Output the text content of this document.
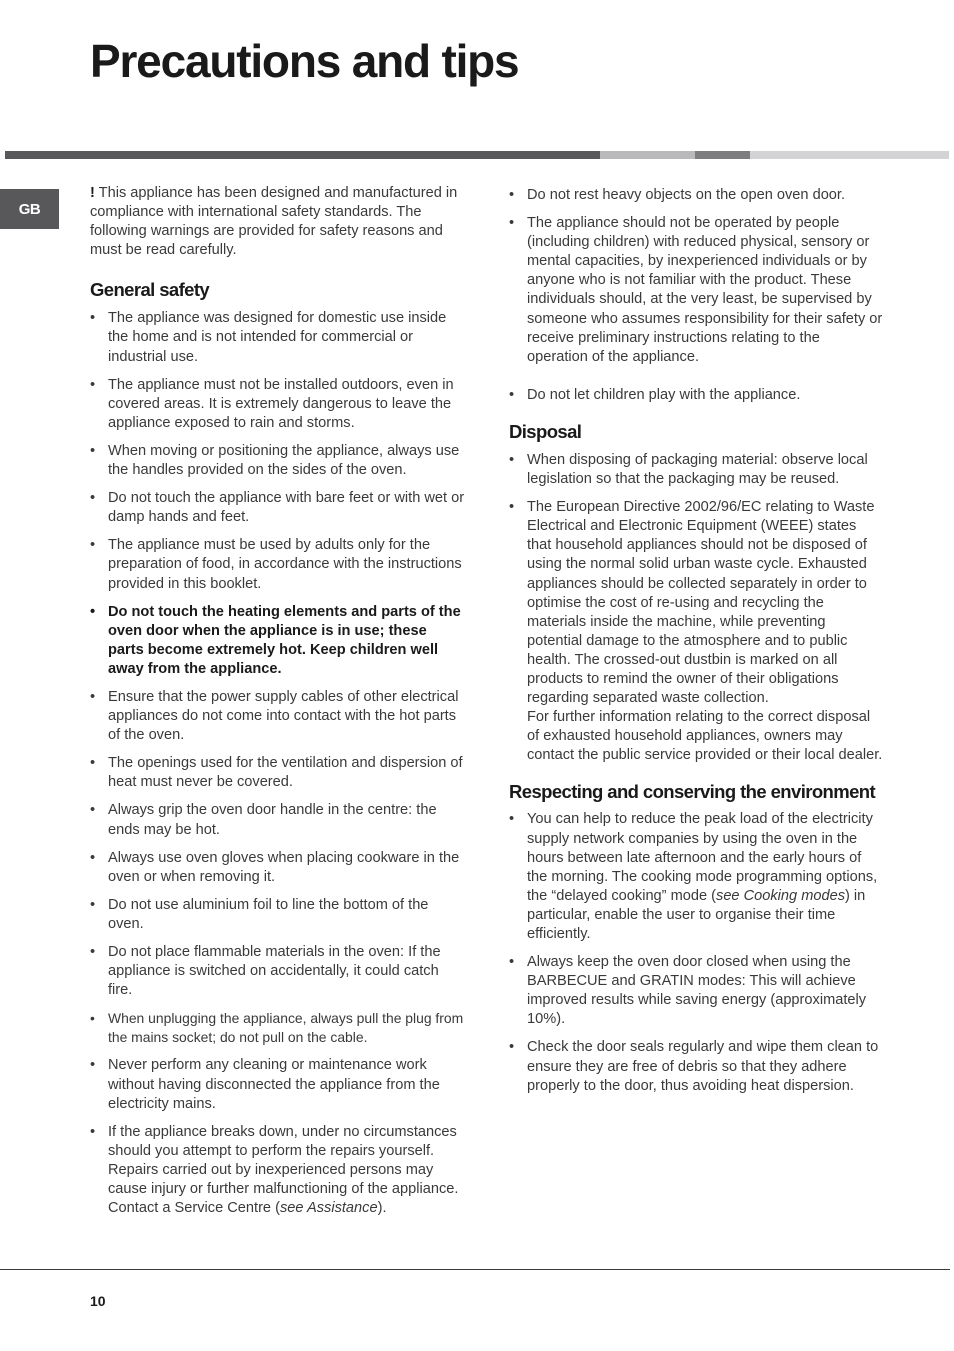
Precautions and tips
GB

! This appliance has been designed and manufactured in compliance with international safety standards. The following warnings are provided for safety reasons and must be read carefully.

General safety
• The appliance was designed for domestic use inside the home and is not intended for commercial or industrial use.
• The appliance must not be installed outdoors, even in covered areas. It is extremely dangerous to leave the appliance exposed to rain and storms.
• When moving or positioning the appliance, always use the handles provided on the sides of the oven.
• Do not touch the appliance with bare feet or with wet or damp hands and feet.
• The appliance must be used by adults only for the preparation of food, in accordance with the instructions provided in this booklet.
• Do not touch the heating elements and parts of the oven door when the appliance is in use; these parts become extremely hot. Keep children well away from the appliance.
• Ensure that the power supply cables of other electrical appliances do not come into contact with the hot parts of the oven.
• The openings used for the ventilation and dispersion of heat must never be covered.
• Always grip the oven door handle in the centre: the ends may be hot.
• Always use oven gloves when placing cookware in the oven or when removing it.
• Do not use aluminium foil to line the bottom of the oven.
• Do not place flammable materials in the oven: If the appliance is switched on accidentally, it could catch fire.
• When unplugging the appliance, always pull the plug from the mains socket; do not pull on the cable.
• Never perform any cleaning or maintenance work without having disconnected the appliance from the electricity mains.
• If the appliance breaks down, under no circumstances should you attempt to perform the repairs yourself. Repairs carried out by inexperienced persons may cause injury or further malfunctioning of the appliance. Contact a Service Centre (see Assistance).
• Do not rest heavy objects on the open oven door.
• The appliance should not be operated by people (including children) with reduced physical, sensory or mental capacities, by inexperienced individuals or by anyone who is not familiar with the product. These individuals should, at the very least, be supervised by someone who assumes responsibility for their safety or receive preliminary instructions relating to the operation of the appliance.
• Do not let children play with the appliance.
Disposal
• When disposing of packaging material: observe local legislation so that the packaging may be reused.
• The European Directive 2002/96/EC relating to Waste Electrical and Electronic Equipment (WEEE) states that household appliances should not be disposed of using the normal solid urban waste cycle. Exhausted appliances should be collected separately in order to optimise the cost of re-using and recycling the materials inside the machine, while preventing potential damage to the atmosphere and to public health. The crossed-out dustbin is marked on all products to remind the owner of their obligations regarding separated waste collection.
For further information relating to the correct disposal of exhausted household appliances, owners may contact the public service provided or their local dealer.
Respecting and conserving the environment
• You can help to reduce the peak load of the electricity supply network companies by using the oven in the hours between late afternoon and the early hours of the morning. The cooking mode programming options, the “delayed cooking” mode (see Cooking modes) in particular, enable the user to organise their time efficiently.
• Always keep the oven door closed when using the BARBECUE and GRATIN modes: This will achieve improved results while saving energy (approximately 10%).
• Check the door seals regularly and wipe them clean to ensure they are free of debris so that they adhere properly to the door, thus avoiding heat dispersion.
10
